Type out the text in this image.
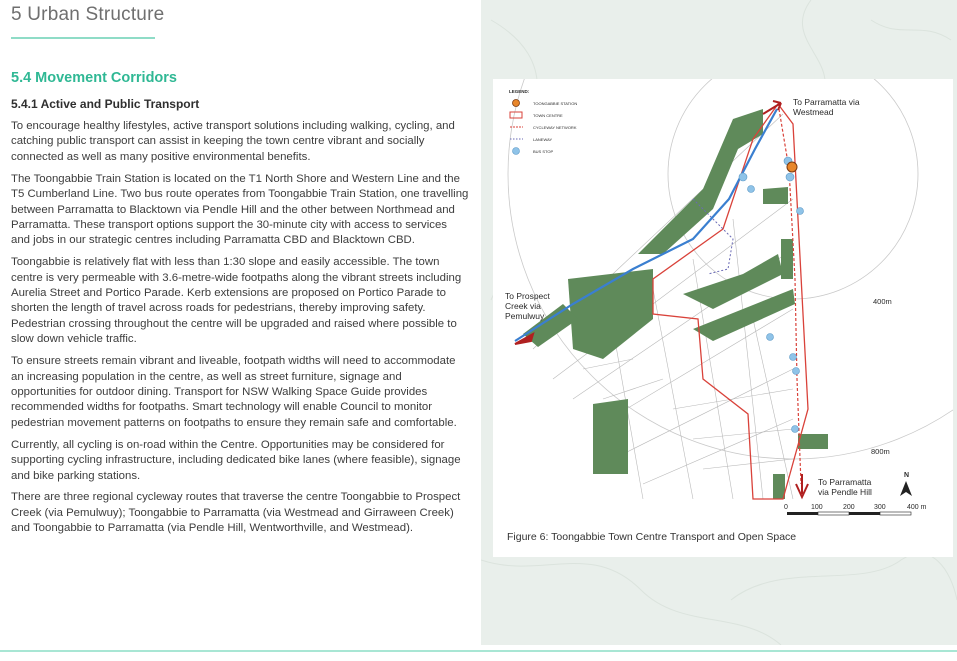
5 Urban Structure
5.4 Movement Corridors
5.4.1 Active and Public Transport

To encourage healthy lifestyles, active transport solutions including walking, cycling, and catching public transport can assist in keeping the town centre vibrant and socially connected as well as many positive environmental benefits.

The Toongabbie Train Station is located on the T1 North Shore and Western Line and the T5 Cumberland Line. Two bus route operates from Toongabbie Train Station, one travelling between Parramatta to Blacktown via Pendle Hill and the other between Northmead and Parramatta. These transport options support the 30-minute city with access to services and jobs in our strategic centres including Parramatta CBD and Blacktown CBD.

Toongabbie is relatively flat with less than 1:30 slope and easily accessible. The town centre is very permeable with 3.6-metre-wide footpaths along the vibrant streets including Aurelia Street and Portico Parade. Kerb extensions are proposed on Portico Parade to shorten the length of travel across roads for pedestrians, thereby improving safety. Pedestrian crossing throughout the centre will be upgraded and raised where possible to slow down vehicle traffic.

To ensure streets remain vibrant and liveable, footpath widths will need to accommodate an increasing population in the centre, as well as street furniture, signage and opportunities for outdoor dining. Transport for NSW Walking Space Guide provides recommended widths for footpaths. Smart technology will enable Council to monitor pedestrian movement patterns on footpaths to ensure they remain safe and comfortable.

Currently, all cycling is on-road within the Centre. Opportunities may be considered for supporting cycling infrastructure, including dedicated bike lanes (where feasible), signage and bike parking stations.

There are three regional cycleway routes that traverse the centre Toongabbie to Prospect Creek (via Pemulwuy); Toongabbie to Parramatta (via Westmead and Girraween Creek) and Toongabbie to Parramatta (via Pendle Hill, Wentworthville, and Westmead).

LEGEND:
TOONGABBIE STATION
TOWN CENTRE
CYCLEWAY NETWORK
LANEWAY
BUS STOP
To Parramatta via
Westmead
To Prospect
Creek via
Pemulwuy
To Parramatta
via Pendle Hill
400m
800m
N
0	100	200	300	400 m
Figure 6: Toongabbie Town Centre Transport and Open Space
